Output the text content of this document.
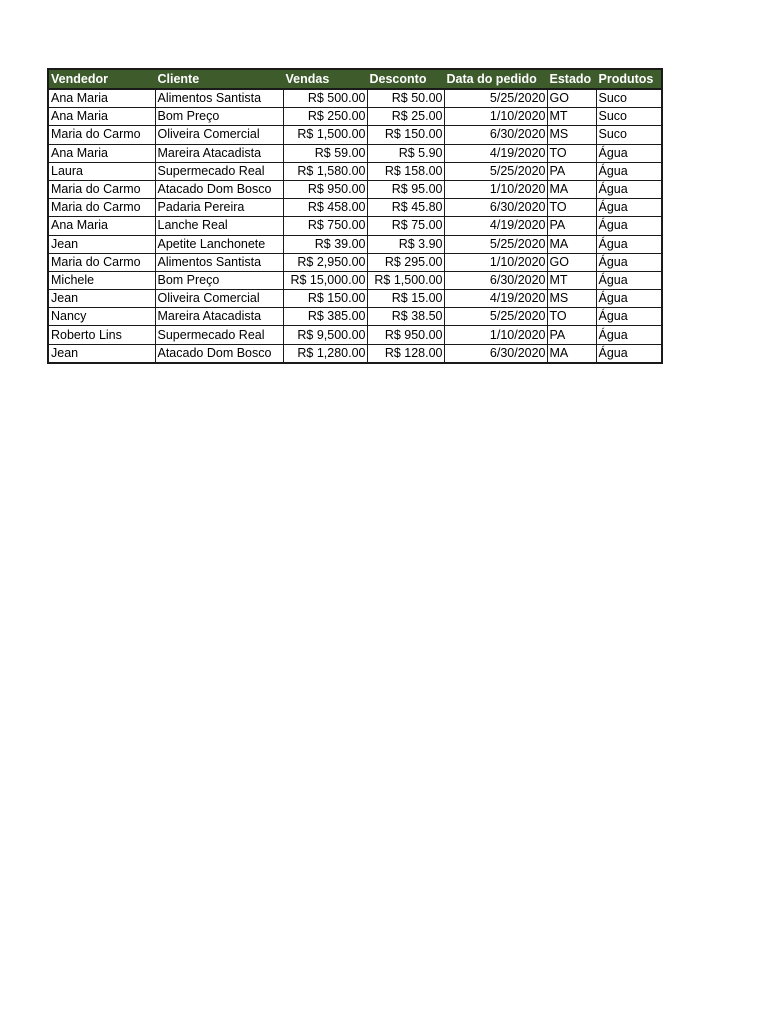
Vendedor	Cliente	Vendas	Desconto	Data do pedido	Estado	Produtos
Ana Maria	Alimentos Santista	R$ 500.00	R$ 50.00	5/25/2020	GO	Suco
Ana Maria	Bom Preço	R$ 250.00	R$ 25.00	1/10/2020	MT	Suco
Maria do Carmo	Oliveira Comercial	R$ 1,500.00	R$ 150.00	6/30/2020	MS	Suco
Ana Maria	Mareira Atacadista	R$ 59.00	R$ 5.90	4/19/2020	TO	Água
Laura	Supermecado Real	R$ 1,580.00	R$ 158.00	5/25/2020	PA	Água
Maria do Carmo	Atacado Dom Bosco	R$ 950.00	R$ 95.00	1/10/2020	MA	Água
Maria do Carmo	Padaria Pereira	R$ 458.00	R$ 45.80	6/30/2020	TO	Água
Ana Maria	Lanche Real	R$ 750.00	R$ 75.00	4/19/2020	PA	Água
Jean	Apetite Lanchonete	R$ 39.00	R$ 3.90	5/25/2020	MA	Água
Maria do Carmo	Alimentos Santista	R$ 2,950.00	R$ 295.00	1/10/2020	GO	Água
Michele	Bom Preço	R$ 15,000.00	R$ 1,500.00	6/30/2020	MT	Água
Jean	Oliveira Comercial	R$ 150.00	R$ 15.00	4/19/2020	MS	Água
Nancy	Mareira Atacadista	R$ 385.00	R$ 38.50	5/25/2020	TO	Água
Roberto Lins	Supermecado Real	R$ 9,500.00	R$ 950.00	1/10/2020	PA	Água
Jean	Atacado Dom Bosco	R$ 1,280.00	R$ 128.00	6/30/2020	MA	Água
